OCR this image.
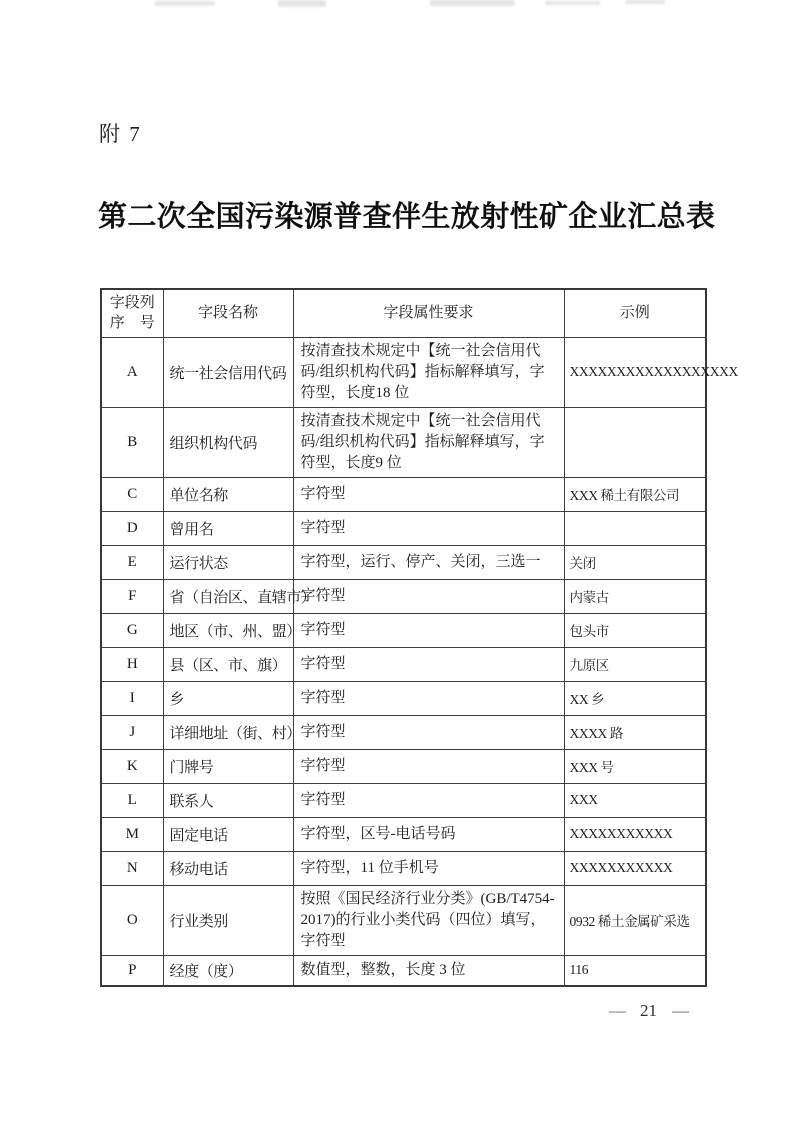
附 7
第二次全国污染源普查伴生放射性矿企业汇总表
字段列
序　号	字段名称	字段属性要求	示例
A	统一社会信用代码	按清查技术规定中【统一社会信用代码/组织机构代码】指标解释填写，字符型，长度18 位	XXXXXXXXXXXXXXXXXX
B	组织机构代码	按清查技术规定中【统一社会信用代码/组织机构代码】指标解释填写，字符型，长度9 位	
C	单位名称	字符型	XXX 稀土有限公司
D	曾用名	字符型	
E	运行状态	字符型，运行、停产、关闭，三选一	关闭
F	省（自治区、直辖市）	字符型	内蒙古
G	地区（市、州、盟）	字符型	包头市
H	县（区、市、旗）	字符型	九原区
I	乡	字符型	XX 乡
J	详细地址（街、村）	字符型	XXXX 路
K	门牌号	字符型	XXX 号
L	联系人	字符型	XXX
M	固定电话	字符型，区号-电话号码	XXXXXXXXXXX
N	移动电话	字符型，11 位手机号	XXXXXXXXXXX
O	行业类别	按照《国民经济行业分类》(GB/T4754-2017)的行业小类代码（四位）填写，字符型	0932 稀土金属矿采选
P	经度（度）	数值型，整数，长度 3 位	116
— 21 —
